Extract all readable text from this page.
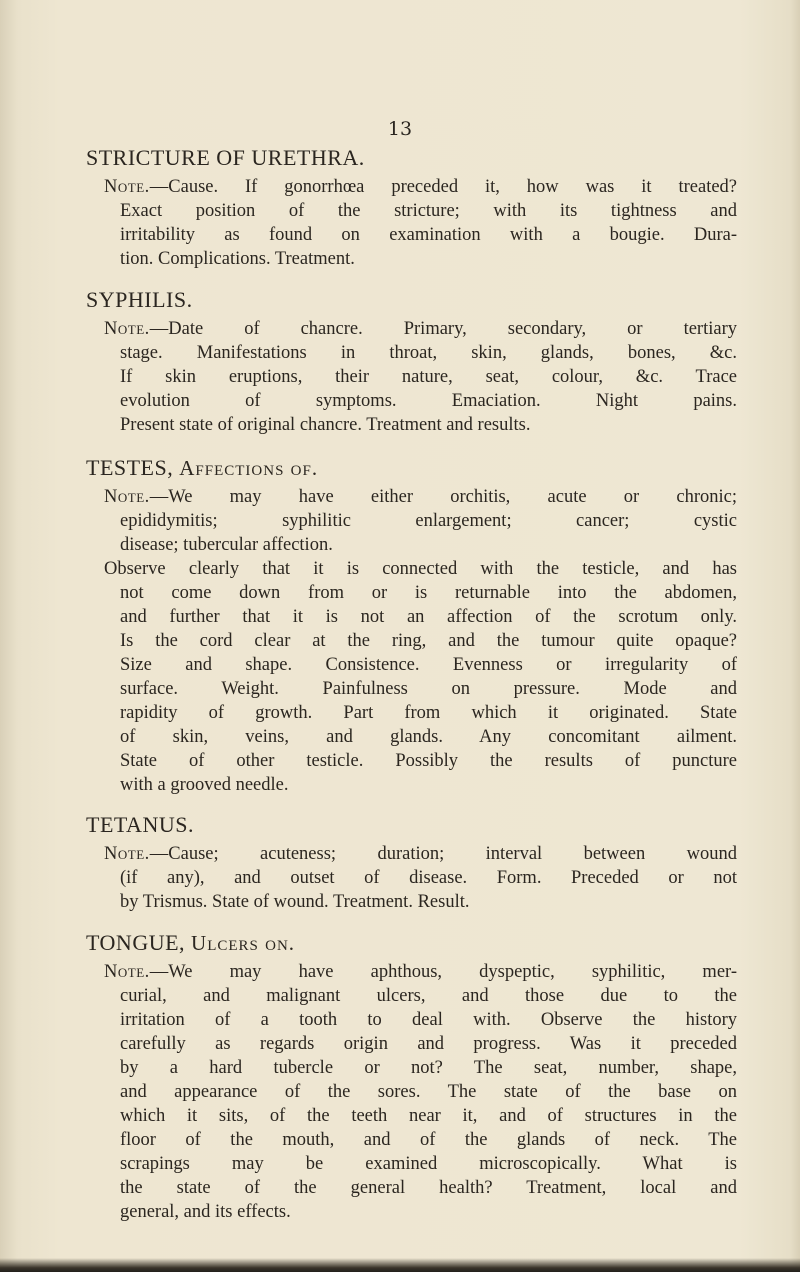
13
STRICTURE OF URETHRA.
Note.—Cause. If gonorrhœa preceded it, how was it treated?
Exact position of the stricture; with its tightness and
irritability as found on examination with a bougie. Dura-
tion. Complications. Treatment.
SYPHILIS.
Note.—Date of chancre. Primary, secondary, or tertiary
stage. Manifestations in throat, skin, glands, bones, &c.
If skin eruptions, their nature, seat, colour, &c. Trace
evolution of symptoms. Emaciation. Night pains.
Present state of original chancre. Treatment and results.
TESTES, Affections of.
Note.—We may have either orchitis, acute or chronic;
epididymitis; syphilitic enlargement; cancer; cystic
disease; tubercular affection.
Observe clearly that it is connected with the testicle, and has
not come down from or is returnable into the abdomen,
and further that it is not an affection of the scrotum only.
Is the cord clear at the ring, and the tumour quite opaque?
Size and shape. Consistence. Evenness or irregularity of
surface. Weight. Painfulness on pressure. Mode and
rapidity of growth. Part from which it originated. State
of skin, veins, and glands. Any concomitant ailment.
State of other testicle. Possibly the results of puncture
with a grooved needle.
TETANUS.
Note.—Cause; acuteness; duration; interval between wound
(if any), and outset of disease. Form. Preceded or not
by Trismus. State of wound. Treatment. Result.
TONGUE, Ulcers on.
Note.—We may have aphthous, dyspeptic, syphilitic, mer-
curial, and malignant ulcers, and those due to the
irritation of a tooth to deal with. Observe the history
carefully as regards origin and progress. Was it preceded
by a hard tubercle or not? The seat, number, shape,
and appearance of the sores. The state of the base on
which it sits, of the teeth near it, and of structures in the
floor of the mouth, and of the glands of neck. The
scrapings may be examined microscopically. What is
the state of the general health? Treatment, local and
general, and its effects.
